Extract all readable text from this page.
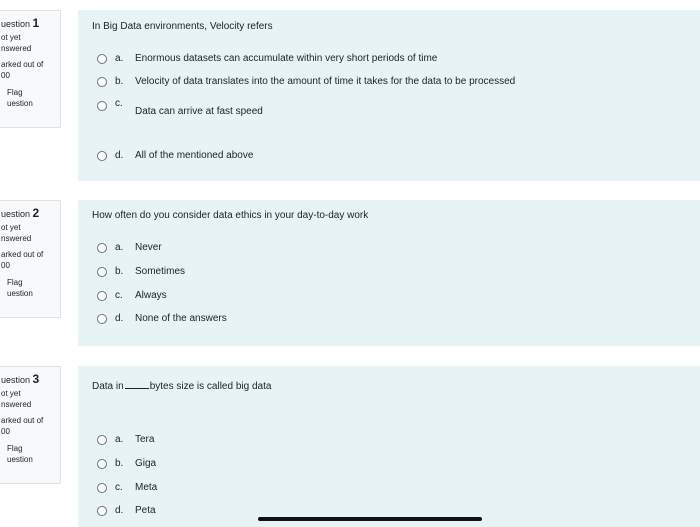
uestion 1
ot yet
nswered
arked out of
00
Flag
uestion
In Big Data environments, Velocity refers
a.	Enormous datasets can accumulate within very short periods of time
b.	Velocity of data translates into the amount of time it takes for the data to be processed
c.
Data can arrive at fast speed
d.	All of the mentioned above
uestion 2
ot yet
nswered
arked out of
00
Flag
uestion
How often do you consider data ethics in your day-to-day work
a.	Never
b.	Sometimes
c.	Always
d.	None of the answers
uestion 3
ot yet
nswered
arked out of
00
Flag
uestion
Data in	bytes size is called big data
a.	Tera
b.	Giga
c.	Meta
d.	Peta
